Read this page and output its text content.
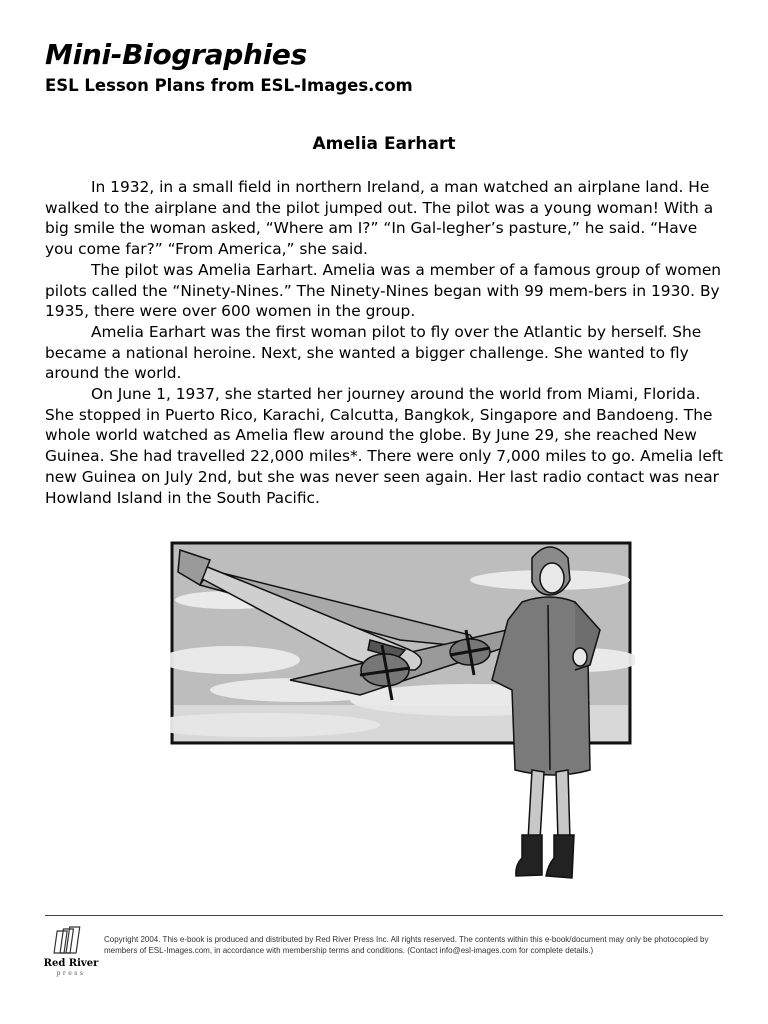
Mini-Biographies
ESL Lesson Plans from ESL-Images.com
Amelia Earhart

In 1932, in a small field in northern Ireland, a man watched an airplane land. He walked to the airplane and the pilot jumped out. The pilot was a young woman! With a big smile the woman asked, “Where am I?” “In Gal-legher’s pasture,” he said. “Have you come far?” “From America,” she said.

The pilot was Amelia Earhart. Amelia was a member of a famous group of women pilots called the “Ninety-Nines.” The Ninety-Nines began with 99 mem-bers in 1930. By 1935, there were over 600 women in the group.

Amelia Earhart was the first woman pilot to fly over the Atlantic by herself. She became a national heroine. Next, she wanted a bigger challenge. She wanted to fly around the world.

On June 1, 1937, she started her journey around the world from Miami, Florida. She stopped in Puerto Rico, Karachi, Calcutta, Bangkok, Singapore and Bandoeng. The whole world watched as Amelia flew around the globe. By June 29, she reached New Guinea. She had travelled 22,000 miles*. There were only 7,000 miles to go. Amelia left new Guinea on July 2nd, but she was never seen again. Her last radio contact was near Howland Island in the South Pacific.

Red River
press
Copyright 2004. This e-book is produced and distributed by Red River Press Inc. All rights reserved. The contents within this e-book/document may only be photocopied by members of ESL-Images.com, in accordance with membership terms and conditions. (Contact info@esl-images.com for complete details.)
